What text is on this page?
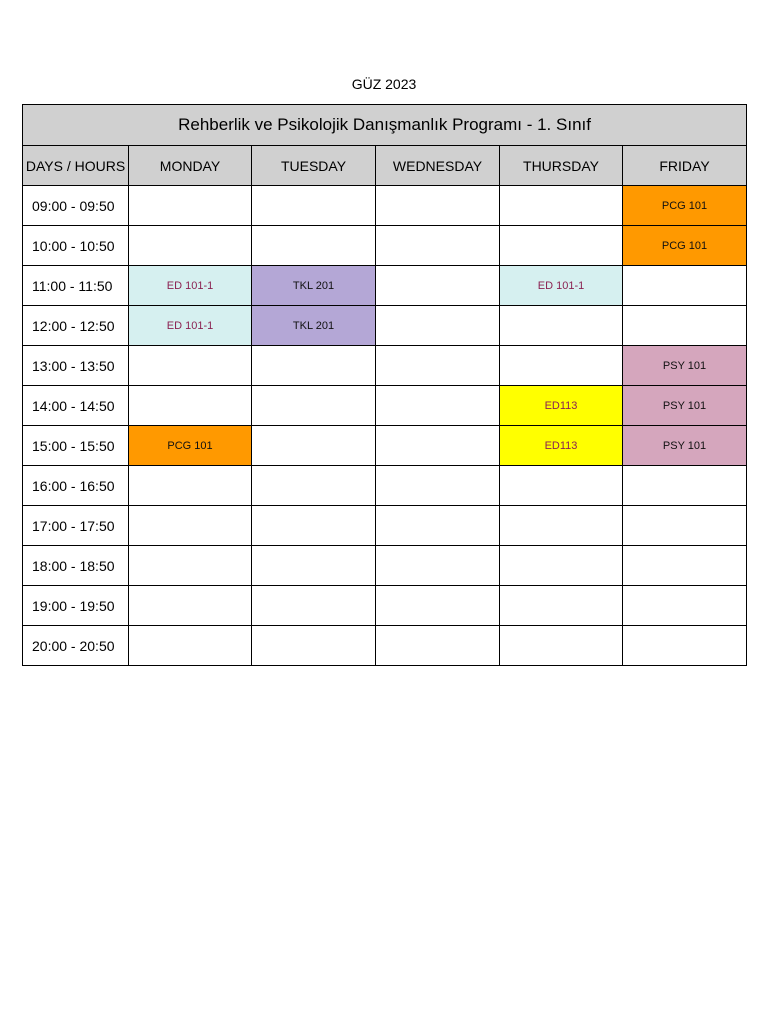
GÜZ 2023
Rehberlik ve Psikolojik Danışmanlık Programı - 1. Sınıf					
DAYS / HOURS	MONDAY	TUESDAY	WEDNESDAY	THURSDAY	FRIDAY
09:00 - 09:50					PCG 101
10:00 - 10:50					PCG 101
11:00 - 11:50	ED 101-1	TKL 201		ED 101-1	
12:00 - 12:50	ED 101-1	TKL 201			
13:00 - 13:50					PSY 101
14:00 - 14:50				ED113	PSY 101
15:00 - 15:50	PCG 101			ED113	PSY 101
16:00 - 16:50					
17:00 - 17:50					
18:00 - 18:50					
19:00 - 19:50					
20:00 - 20:50					
